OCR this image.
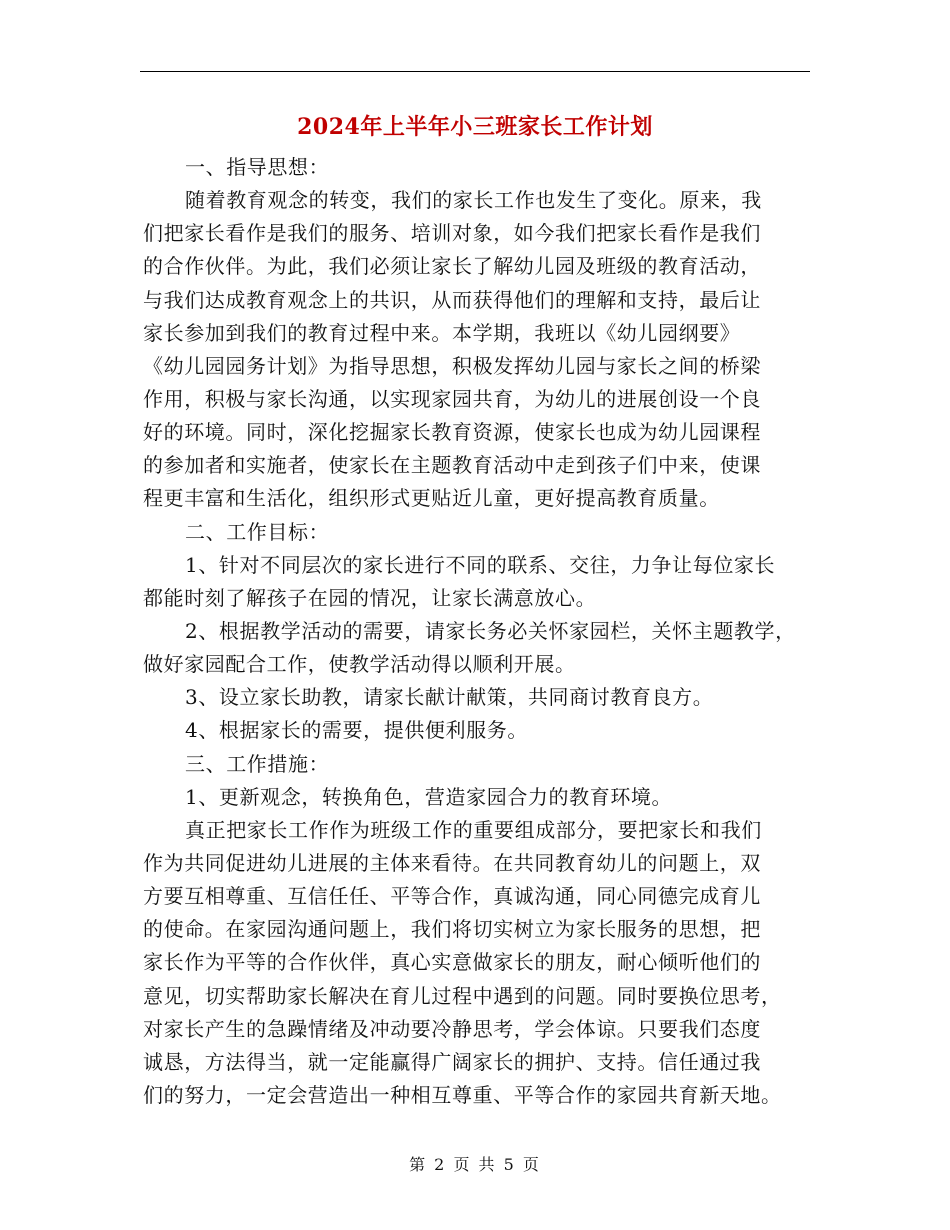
2024年上半年小三班家长工作计划
一、指导思想：
随着教育观念的转变，我们的家长工作也发生了变化。原来，我
们把家长看作是我们的服务、培训对象，如今我们把家长看作是我们
的合作伙伴。为此，我们必须让家长了解幼儿园及班级的教育活动，
与我们达成教育观念上的共识，从而获得他们的理解和支持，最后让
家长参加到我们的教育过程中来。本学期，我班以《幼儿园纲要》
《幼儿园园务计划》为指导思想，积极发挥幼儿园与家长之间的桥梁
作用，积极与家长沟通，以实现家园共育，为幼儿的进展创设一个良
好的环境。同时，深化挖掘家长教育资源，使家长也成为幼儿园课程
的参加者和实施者，使家长在主题教育活动中走到孩子们中来，使课
程更丰富和生活化，组织形式更贴近儿童，更好提高教育质量。
二、工作目标：
1、针对不同层次的家长进行不同的联系、交往，力争让每位家长
都能时刻了解孩子在园的情况，让家长满意放心。
2、根据教学活动的需要，请家长务必关怀家园栏，关怀主题教学，
做好家园配合工作，使教学活动得以顺利开展。
3、设立家长助教，请家长献计献策，共同商讨教育良方。
4、根据家长的需要，提供便利服务。
三、工作措施：
1、更新观念，转换角色，营造家园合力的教育环境。
真正把家长工作作为班级工作的重要组成部分，要把家长和我们
作为共同促进幼儿进展的主体来看待。在共同教育幼儿的问题上，双
方要互相尊重、互信任任、平等合作，真诚沟通，同心同德完成育儿
的使命。在家园沟通问题上，我们将切实树立为家长服务的思想，把
家长作为平等的合作伙伴，真心实意做家长的朋友，耐心倾听他们的
意见，切实帮助家长解决在育儿过程中遇到的问题。同时要换位思考，
对家长产生的急躁情绪及冲动要冷静思考，学会体谅。只要我们态度
诚恳，方法得当，就一定能赢得广阔家长的拥护、支持。信任通过我
们的努力，一定会营造出一种相互尊重、平等合作的家园共育新天地。
第 2 页 共 5 页
